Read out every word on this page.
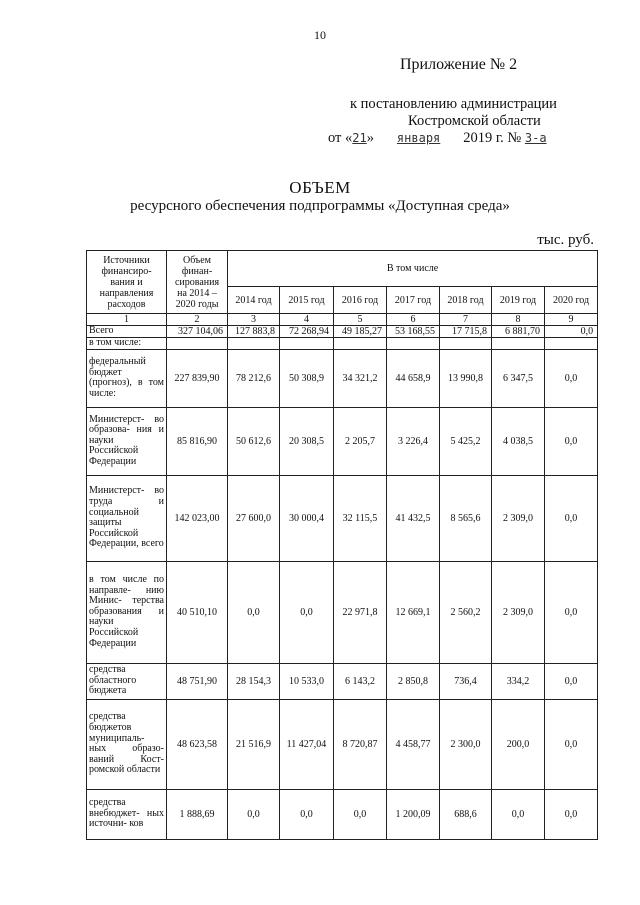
10
Приложение № 2
к постановлению администрации
Костромской области
от «21» января 2019 г. № 3-а
ОБЪЕМ
ресурсного обеспечения подпрограммы «Доступная среда»
тыс. руб.
Источники финансиро- вания и направления расходов	Объем финан- сирования на 2014 – 2020 годы	В том числе						
		2014 год	2015 год	2016 год	2017 год	2018 год	2019 год	2020 год
1	2	3	4	5	6	7	8	9
Всего	327 104,06	127 883,8	72 268,94	49 185,27	53 168,55	17 715,8	6 881,70	0,0
в том числе:								
федеральный бюджет (прогноз), в том числе:	227 839,90	78 212,6	50 308,9	34 321,2	44 658,9	13 990,8	6 347,5	0,0
Министерст- во образова- ния и науки Российской Федерации	85 816,90	50 612,6	20 308,5	2 205,7	3 226,4	5 425,2	4 038,5	0,0
Министерст- во труда и социальной защиты Российской Федерации, всего	142 023,00	27 600,0	30 000,4	32 115,5	41 432,5	8 565,6	2 309,0	0,0
в том числе по направле- нию Минис- терства образования и науки Российской Федерации	40 510,10	0,0	0,0	22 971,8	12 669,1	2 560,2	2 309,0	0,0
средства областного бюджета	48 751,90	28 154,3	10 533,0	6 143,2	2 850,8	736,4	334,2	0,0
средства бюджетов муниципаль- ных образо- ваний Кост- ромской области	48 623,58	21 516,9	11 427,04	8 720,87	4 458,77	2 300,0	200,0	0,0
средства внебюджет- ных источни- ков	1 888,69	0,0	0,0	0,0	1 200,09	688,6	0,0	0,0
